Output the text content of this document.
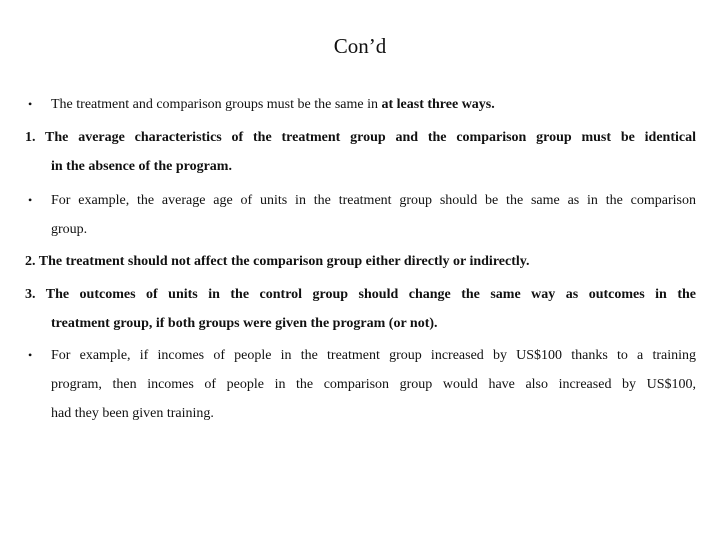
Con’d
• The treatment and comparison groups must be the same in at least three ways.
1. The average characteristics of the treatment group and the comparison group must be identical
in the absence of the program.
• For example, the average age of units in the treatment group should be the same as in the comparison
group.
2. The treatment should not affect the comparison group either directly or indirectly.
3. The outcomes of units in the control group should change the same way as outcomes in the
treatment group, if both groups were given the program (or not).
• For example, if incomes of people in the treatment group increased by US$100 thanks to a training
program, then incomes of people in the comparison group would have also increased by US$100,
had they been given training.
